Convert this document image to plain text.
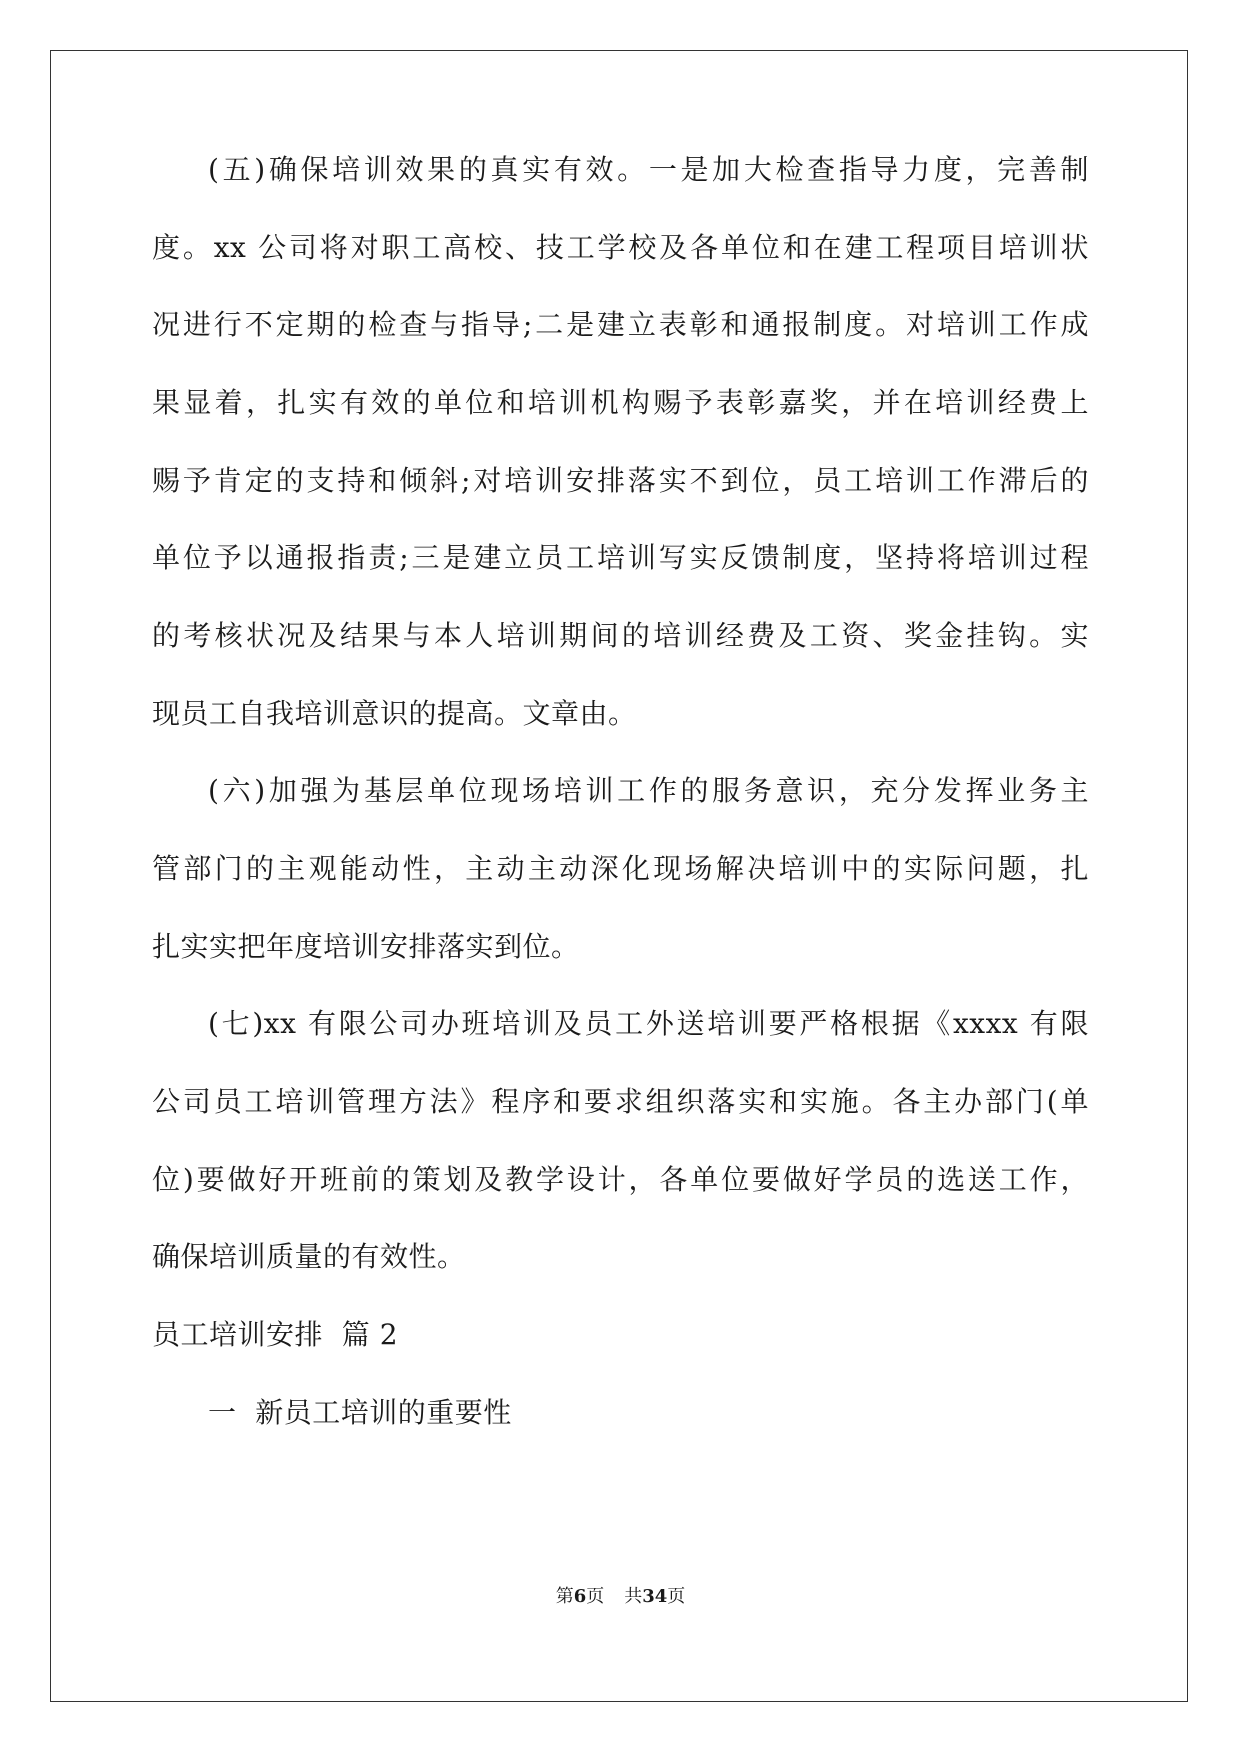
(五)确保培训效果的真实有效。一是加大检查指导力度，完善制
度。xx 公司将对职工高校、技工学校及各单位和在建工程项目培训状
况进行不定期的检查与指导;二是建立表彰和通报制度。对培训工作成
果显着，扎实有效的单位和培训机构赐予表彰嘉奖，并在培训经费上
赐予肯定的支持和倾斜;对培训安排落实不到位，员工培训工作滞后的
单位予以通报指责;三是建立员工培训写实反馈制度，坚持将培训过程
的考核状况及结果与本人培训期间的培训经费及工资、奖金挂钩。实
现员工自我培训意识的提高。文章由。
(六)加强为基层单位现场培训工作的服务意识，充分发挥业务主
管部门的主观能动性，主动主动深化现场解决培训中的实际问题，扎
扎实实把年度培训安排落实到位。
(七)xx 有限公司办班培训及员工外送培训要严格根据《xxxx 有限
公司员工培训管理方法》程序和要求组织落实和实施。各主办部门(单
位)要做好开班前的策划及教学设计，各单位要做好学员的选送工作，
确保培训质量的有效性。
员工培训安排  篇 2
一  新员工培训的重要性
第6页 共34页
